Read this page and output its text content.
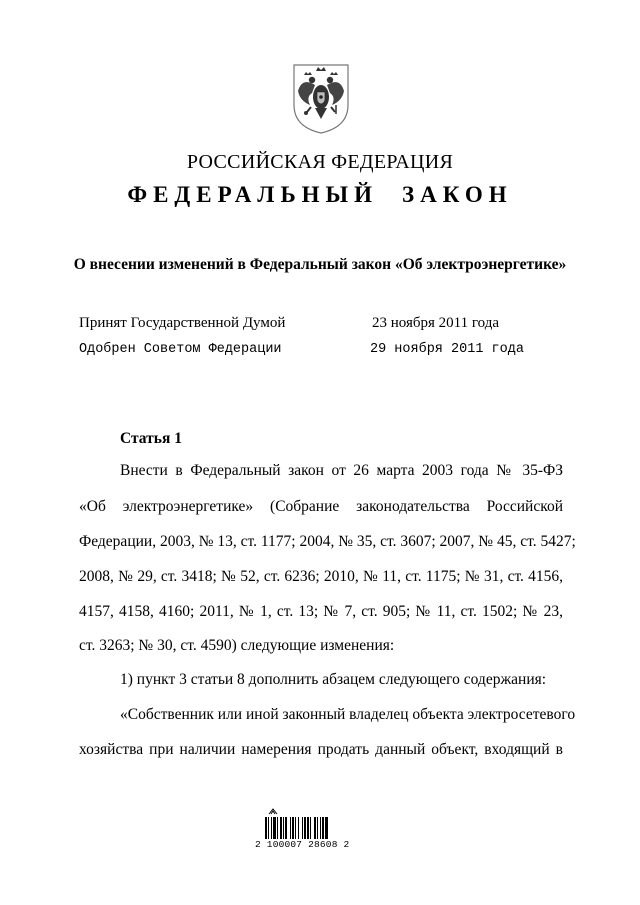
РОССИЙСКАЯ ФЕДЕРАЦИЯ
ФЕДЕРАЛЬНЫЙ ЗАКОН
О внесении изменений в Федеральный закон «Об электроэнергетике»
Принят Государственной Думой	23 ноября 2011 года
Одобрен Советом Федерации	29 ноября 2011 года
Статья 1
Внести в Федеральный закон от 26 марта 2003 года № 35-ФЗ
«Об электроэнергетике» (Собрание законодательства Российской
Федерации, 2003, № 13, ст. 1177; 2004, № 35, ст. 3607; 2007, № 45, ст. 5427;
2008, № 29, ст. 3418; № 52, ст. 6236; 2010, № 11, ст. 1175; № 31, ст. 4156,
4157, 4158, 4160; 2011, № 1, ст. 13; № 7, ст. 905; № 11, ст. 1502; № 23,
ст. 3263; № 30, ст. 4590) следующие изменения:
1) пункт 3 статьи 8 дополнить абзацем следующего содержания:
«Собственник или иной законный владелец объекта электросетевого
хозяйства при наличии намерения продать данный объект, входящий в
2 100007 28608 2
